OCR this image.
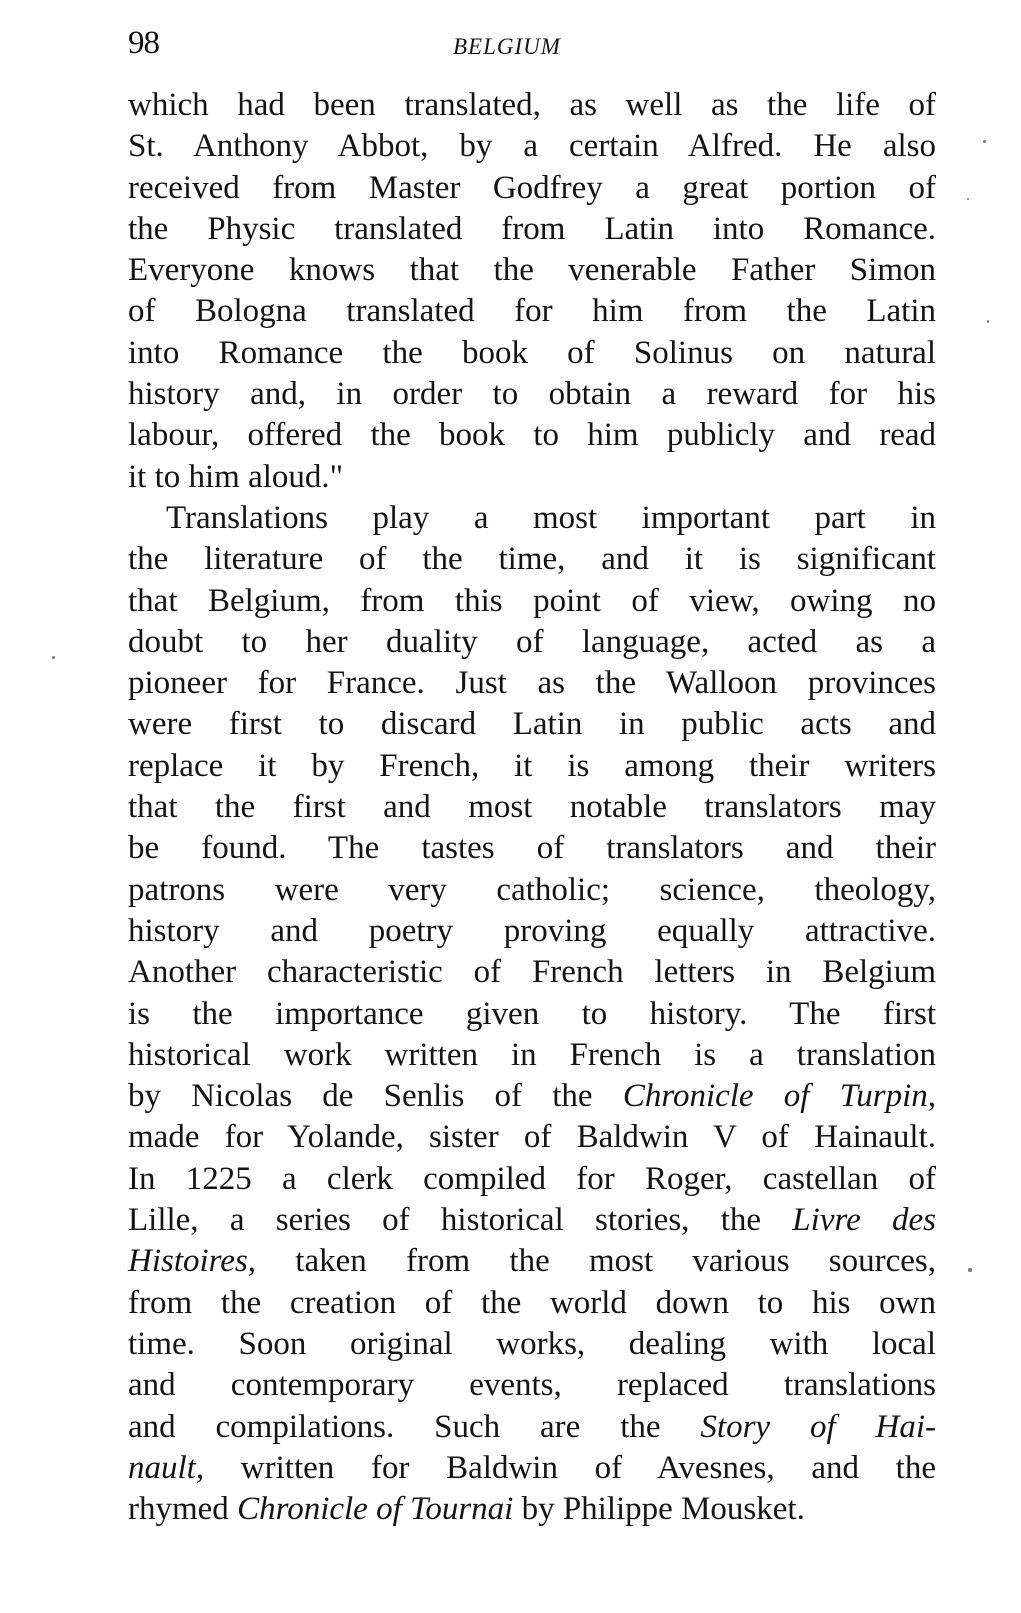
98	BELGIUM
which had been translated, as well as the life of
St. Anthony Abbot, by a certain Alfred. He also
received from Master Godfrey a great portion of
the Physic translated from Latin into Romance.
Everyone knows that the venerable Father Simon
of Bologna translated for him from the Latin
into Romance the book of Solinus on natural
history and, in order to obtain a reward for his
labour, offered the book to him publicly and read
it to him aloud."
Translations play a most important part in
the literature of the time, and it is significant
that Belgium, from this point of view, owing no
doubt to her duality of language, acted as a
pioneer for France. Just as the Walloon provinces
were first to discard Latin in public acts and
replace it by French, it is among their writers
that the first and most notable translators may
be found. The tastes of translators and their
patrons were very catholic; science, theology,
history and poetry proving equally attractive.
Another characteristic of French letters in Belgium
is the importance given to history. The first
historical work written in French is a translation
by Nicolas de Senlis of the Chronicle of Turpin,
made for Yolande, sister of Baldwin V of Hainault.
In 1225 a clerk compiled for Roger, castellan of
Lille, a series of historical stories, the Livre des
Histoires, taken from the most various sources,
from the creation of the world down to his own
time. Soon original works, dealing with local
and contemporary events, replaced translations
and compilations. Such are the Story of Hai-
nault, written for Baldwin of Avesnes, and the
rhymed Chronicle of Tournai by Philippe Mousket.
